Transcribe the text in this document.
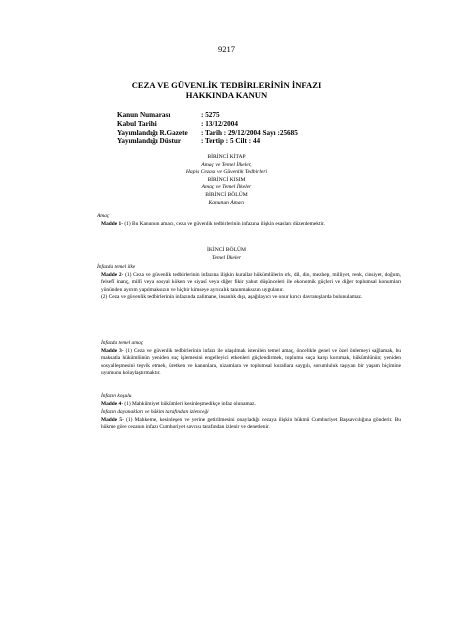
9217
CEZA VE GÜVENLİK TEDBİRLERİNİN İNFAZI
HAKKINDA KANUN
Kanun Numarası	: 5275
Kabul Tarihi	: 13/12/2004
Yayımlandığı R.Gazete	: Tarih : 29/12/2004 Sayı :25685
Yayımlandığı Düstur	: Tertip : 5 Cilt : 44
BİRİNCİ KİTAP
Amaç ve Temel İlkeler,
Hapis Cezası ve Güvenlik Tedbirleri
BİRİNCİ KISIM
Amaç ve Temel İlkeler
BİRİNCİ BÖLÜM
Kanunun Amacı

Amaç

Madde 1- (1) Bu Kanunun amacı, ceza ve güvenlik tedbirlerinin infazına ilişkin esasları düzenlemektir.

İKİNCİ BÖLÜM
Temel İlkeler

İnfazda temel ilke

Madde 2- (1) Ceza ve güvenlik tedbirlerinin infazına ilişkin kurallar hükümlülerin ırk, dil, din, mezhep, milliyet, renk, cinsiyet, doğum, felsefî inanç, millî veya sosyal köken ve siyasî veya diğer fikir yahut düşünceleri ile ekonomik güçleri ve diğer toplumsal konumları yönünden ayırım yapılmaksızın ve hiçbir kimseye ayrıcalık tanınmaksızın uygulanır.

(2) Ceza ve güvenlik tedbirlerinin infazında zalimane, insanlık dışı, aşağılayıcı ve onur kırıcı davranışlarda bulunulamaz.

İnfazda temel amaç

Madde 3- (1) Ceza ve güvenlik tedbirlerinin infazı ile ulaşılmak istenilen temel amaç, öncelikle genel ve özel önlemeyi sağlamak, bu maksatla hükümlünün yeniden suç işlemesini engelleyici etkenleri güçlendirmek, toplumu suça karşı korumak, hükümlünün; yeniden sosyalleşmesini teşvik etmek, üretken ve kanunlara, nizamlara ve toplumsal kurallara saygılı, sorumluluk taşıyan bir yaşam biçimine uyumunu kolaylaştırmaktır.

İnfazın koşulu

Madde 4- (1) Mahkûmiyet hükümleri kesinleşmedikçe infaz olunamaz.

İnfazın dayanakları ve hâkim tarafından izlenceği

Madde 5- (1) Mahkeme, kesinleşen ve yerine getirilmesini onayladığı cezaya ilişkin hükmü Cumhuriyet Başsavcılığına gönderir. Bu hükme göre cezanın infazı Cumhuriyet savcısı tarafından izlenir ve denetlenir.
